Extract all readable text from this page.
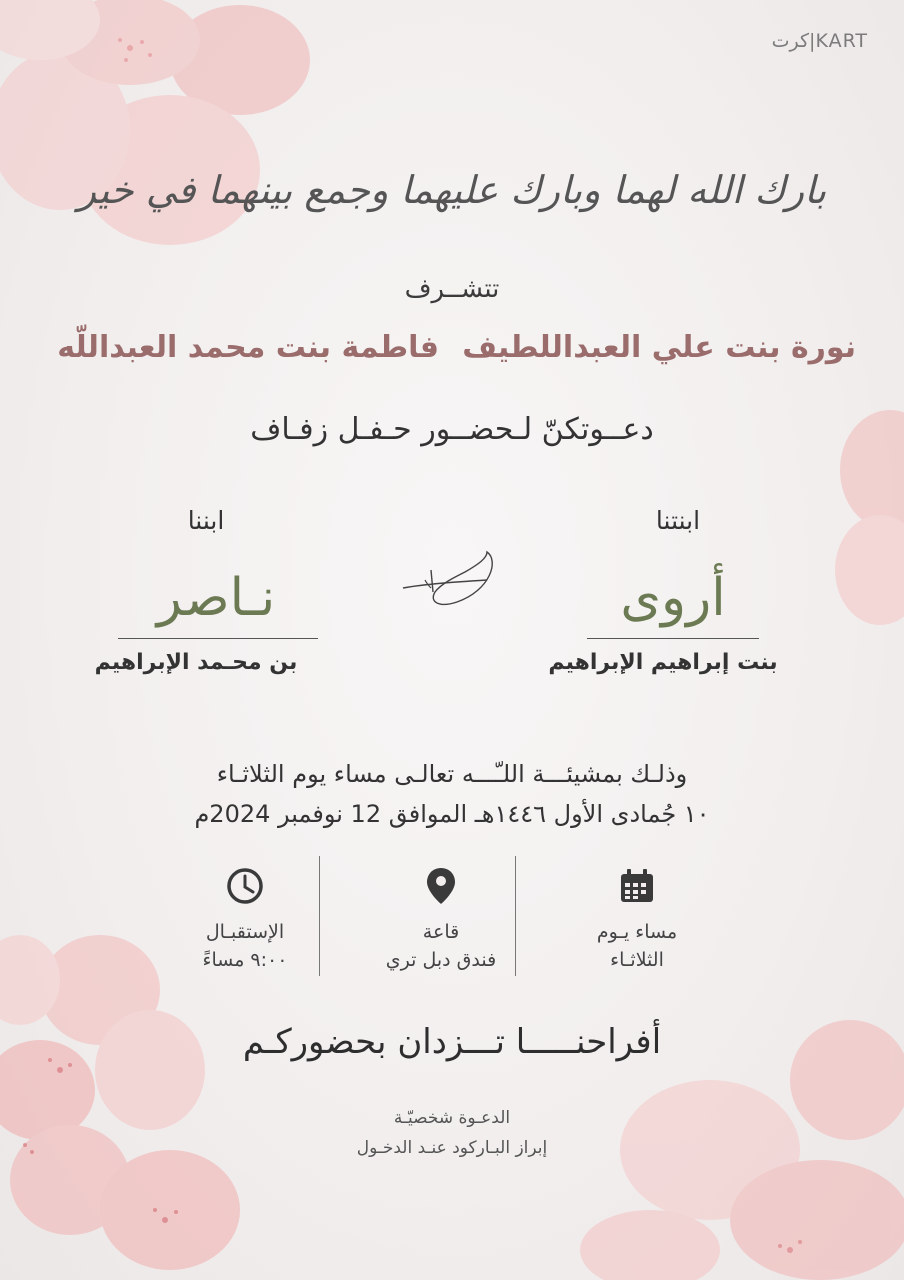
كرت|KART
بارك الله لهما وبارك عليهما وجمع بينهما في خير
تتشــرف
نورة بنت علي العبداللطيف
فاطمة بنت محمد العبداللّه
دعــوتكنّ لـحضــور حـفـل زفـاف
ابنتنا
ابننا
أروى
نـاصر
بنت إبراهيم الإبراهيم
بن محـمد الإبراهيم
وذلـك بمشيئـــة اللـّـــه تعالـى مساء يوم الثلاثـاء
١٠ جُمادى الأول ١٤٤٦هـ الموافق 12 نوفمبر 2024م
مساء يـوم
الثلاثـاء
قاعة
فندق دبل تري
الإستقبـال
٩:٠٠ مساءً
أفراحنـــــا تـــزدان بحضوركـم
الدعـوة شخصيّـة
إبراز البـاركود عنـد الدخـول
